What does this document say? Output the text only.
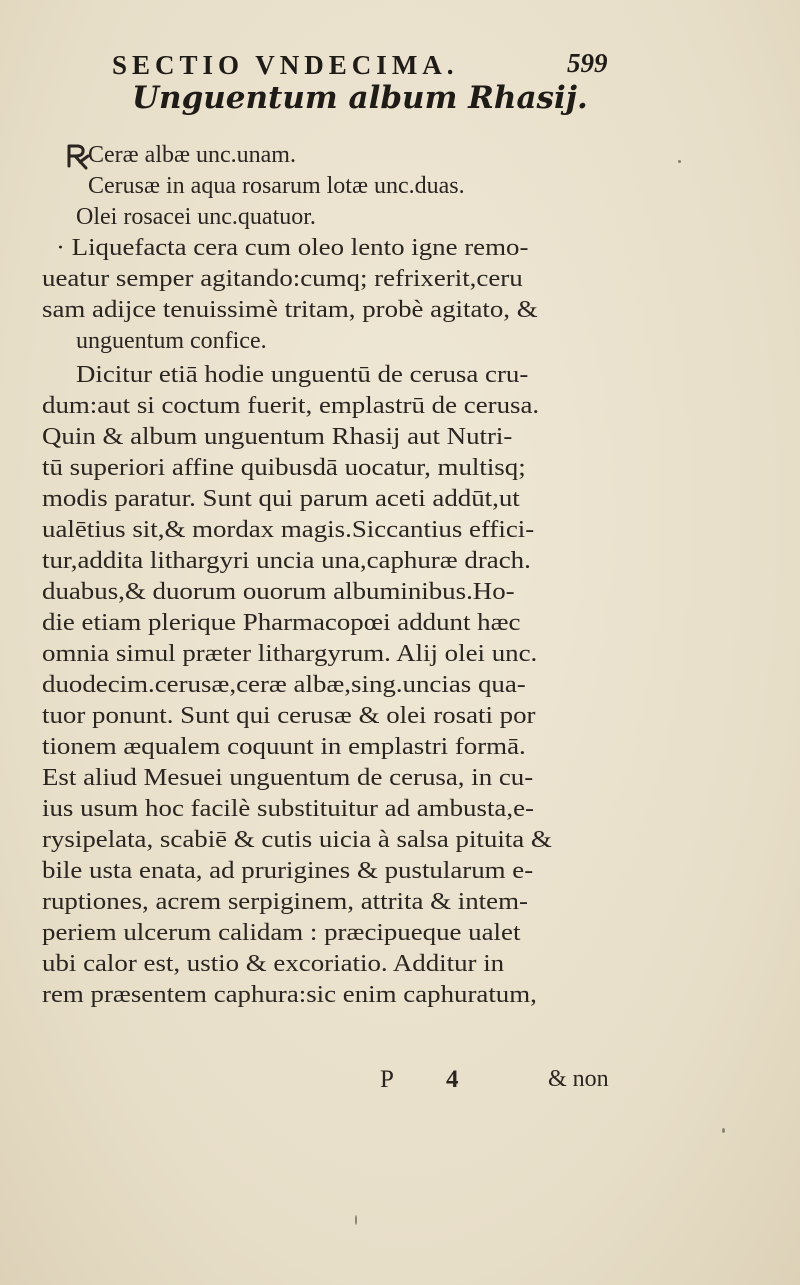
SECTIO VNDECIMA.	599
Unguentum album Rhasij.
Ceræ albæ unc.unam.
Cerusæ in aqua rosarum lotæ unc.duas.
Olei rosacei unc.quatuor.
· Liquefacta cera cum oleo lento igne remo-
ueatur semper agitando:cumq; refrixerit,ceru
sam adijce tenuissimè tritam, probè agitato, &
unguentum confice.
Dicitur etiā hodie unguentū de cerusa cru-
dum:aut si coctum fuerit, emplastrū de cerusa.
Quin & album unguentum Rhasij aut Nutri-
tū superiori affine quibusdā uocatur, multisq;
modis paratur. Sunt qui parum aceti addūt,ut
ualētius sit,& mordax magis.Siccantius effici-
tur,addita lithargyri uncia una,caphuræ drach.
duabus,& duorum ouorum albuminibus.Ho-
die etiam plerique Pharmacopœi addunt hæc
omnia simul præter lithargyrum. Alij olei unc.
duodecim.cerusæ,ceræ albæ,sing.uncias qua-
tuor ponunt. Sunt qui cerusæ & olei rosati por
tionem æqualem coquunt in emplastri formā.
Est aliud Mesuei unguentum de cerusa, in cu-
ius usum hoc facilè substituitur ad ambusta,e-
rysipelata, scabiē & cutis uicia à salsa pituita &
bile usta enata, ad prurigines & pustularum e-
ruptiones, acrem serpiginem, attrita & intem-
periem ulcerum calidam : præcipueque ualet
ubi calor est, ustio & excoriatio. Additur in
rem præsentem caphura:sic enim caphuratum,
P 4	& non
